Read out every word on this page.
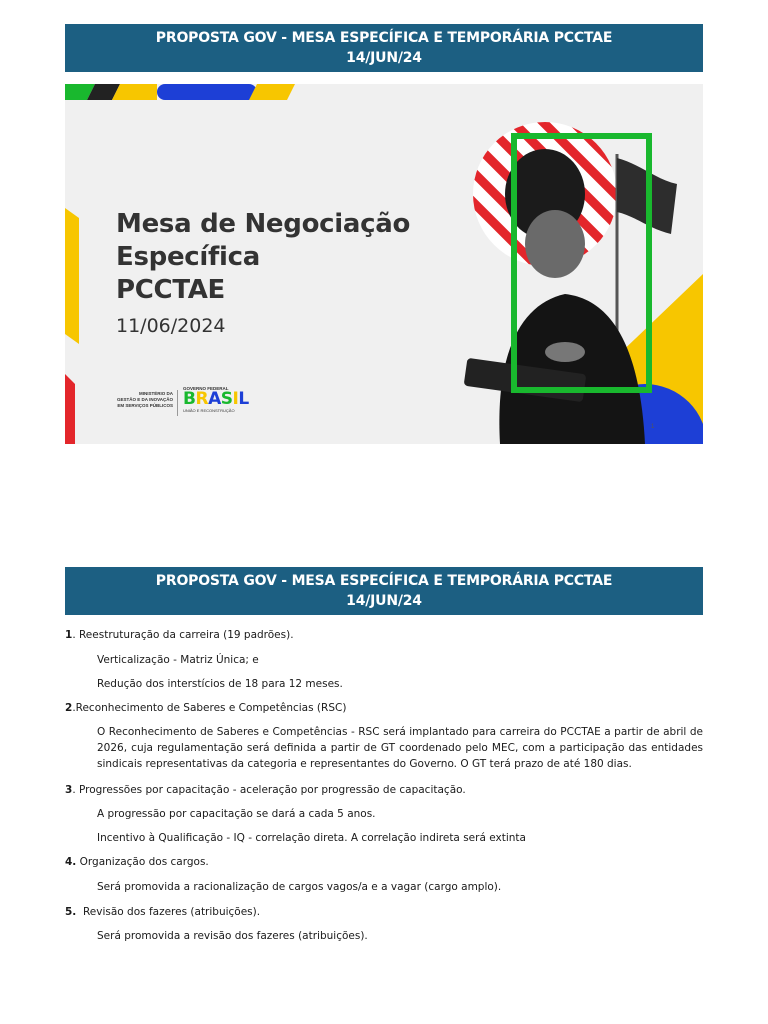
PROPOSTA GOV - MESA ESPECÍFICA E TEMPORÁRIA PCCTAE
14/JUN/24
Mesa de Negociação
Específica
PCCTAE
11/06/2024
MINISTÉRIO DA
GESTÃO E DA INOVAÇÃO
EM SERVIÇOS PÚBLICOS
GOVERNO FEDERAL
BRASIL
UNIÃO E RECONSTRUÇÃO
1
PROPOSTA GOV - MESA ESPECÍFICA E TEMPORÁRIA PCCTAE
14/JUN/24
1. Reestruturação da carreira (19 padrões).
Verticalização - Matriz Única; e
Redução dos interstícios de 18 para 12 meses.
2.Reconhecimento de Saberes e Competências (RSC)
O Reconhecimento de Saberes e Competências - RSC será implantado para carreira do PCCTAE a partir de abril de 2026, cuja regulamentação será definida a partir de GT coordenado pelo MEC, com a participação das entidades sindicais representativas da categoria e representantes do Governo. O GT terá prazo de até 180 dias.
3. Progressões por capacitação - aceleração por progressão de capacitação.
A progressão por capacitação se dará a cada 5 anos.
Incentivo à Qualificação - IQ - correlação direta. A correlação indireta será extinta
4. Organização dos cargos.
Será promovida a racionalização de cargos vagos/a e a vagar (cargo amplo).
5.  Revisão dos fazeres (atribuições).
Será promovida a revisão dos fazeres (atribuições).
